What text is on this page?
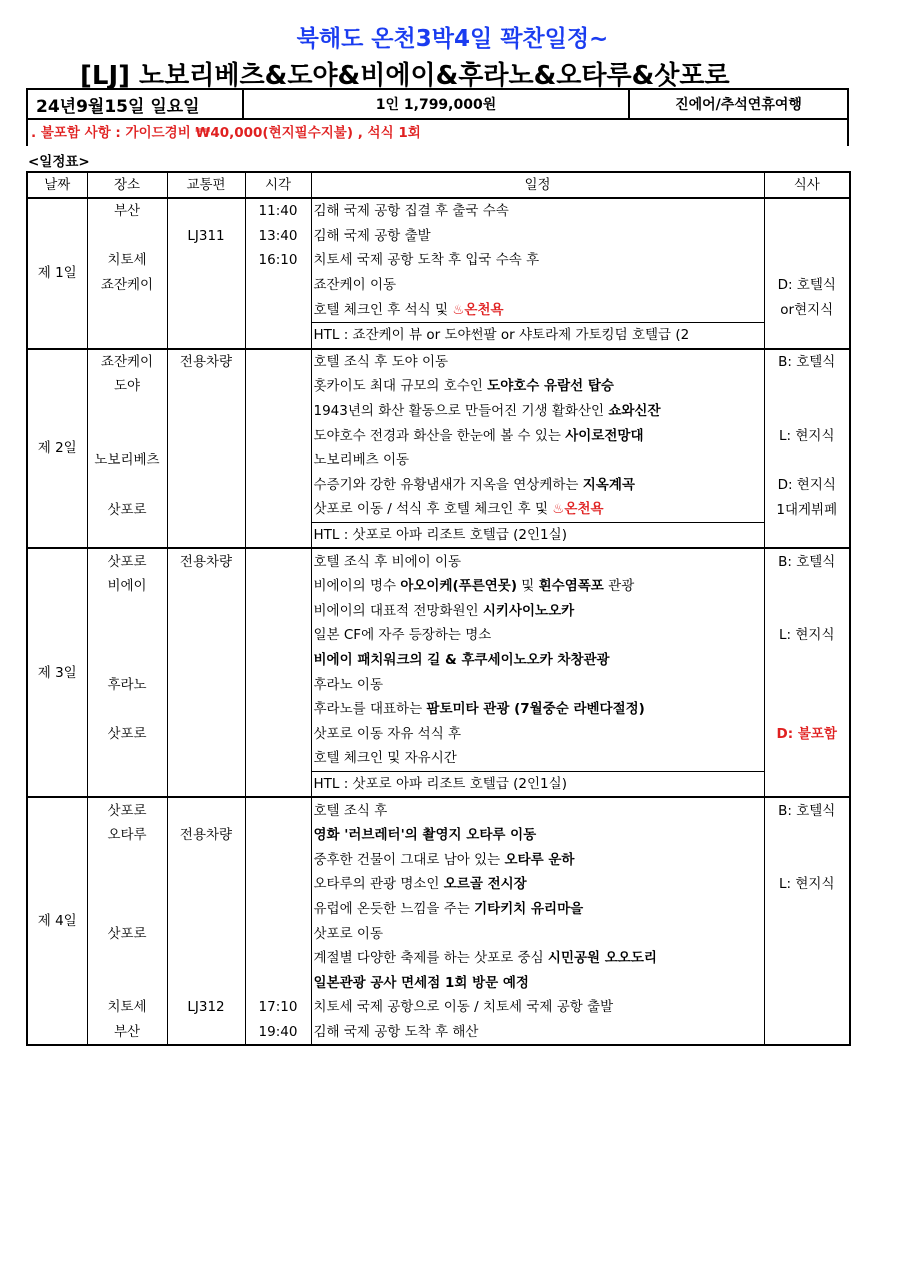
북해도 온천3박4일 꽉찬일정~
[LJ] 노보리베츠&도야&비에이&후라노&오타루&삿포로
24년9월15일 일요일	1인 1,799,000원	진에어/추석연휴여행
. 불포함 사항 : 가이드경비 ₩40,000(현지필수지불) , 석식 1회
<일정표>
날짜	장소	교통편	시각	일정	식사
제 1일	부산		11:40	김해 국제 공항 집결 후 출국 수속	
		LJ311	13:40	김해 국제 공항 출발	
	치토세		16:10	치토세 국제 공항 도착 후 입국 수속 후	
	죠잔케이			죠잔케이 이동	D: 호텔식
				호텔 체크인 후 석식 및 ♨온천욕	or현지식
				HTL : 죠잔케이 뷰 or 도야썬팔 or 샤토라제 가토킹덤 호텔급 (2	
제 2일	죠잔케이	전용차량		호텔 조식 후 도야 이동	B: 호텔식
	도야			홋카이도 최대 규모의 호수인 도야호수 유람선 탑승	
				1943년의 화산 활동으로 만들어진 기생 활화산인 쇼와신잔	
				도야호수 전경과 화산을 한눈에 볼 수 있는 사이로전망대	L: 현지식
	노보리베츠			노보리베츠 이동	
				수증기와 강한 유황냄새가 지옥을 연상케하는 지옥계곡	D: 현지식
	삿포로			삿포로 이동 / 석식 후 호텔 체크인 후 및 ♨온천욕	1대게뷔페
				HTL : 삿포로 아파 리조트 호텔급 (2인1실)	
제 3일	삿포로	전용차량		호텔 조식 후 비에이 이동	B: 호텔식
	비에이			비에이의 명수 아오이케(푸른연못) 및 흰수염폭포 관광	
				비에이의 대표적 전망화원인 시키사이노오카	
				일본 CF에 자주 등장하는 명소	L: 현지식
				비에이 패치워크의 길 & 후쿠세이노오카 차창관광	
	후라노			후라노 이동	
				후라노를 대표하는 팜토미타 관광 (7월중순 라벤다절정)	
	삿포로			삿포로 이동 자유 석식 후	D: 불포함
				호텔 체크인 및 자유시간	
				HTL : 삿포로 아파 리조트 호텔급 (2인1실)	
제 4일	삿포로			호텔 조식 후	B: 호텔식
	오타루	전용차량		영화 '러브레터'의 촬영지 오타루 이동	
				중후한 건물이 그대로 남아 있는 오타루 운하	
				오타루의 관광 명소인 오르골 전시장	L: 현지식
				유럽에 온듯한 느낌을 주는 기타키치 유리마을	
	삿포로			삿포로 이동	
				계절별 다양한 축제를 하는 삿포로 중심 시민공원 오오도리	
				일본관광 공사 면세점 1회 방문 예정	
	치토세	LJ312	17:10	치토세 국제 공항으로 이동 / 치토세 국제 공항 출발	
	부산		19:40	김해 국제 공항 도착 후 해산	
